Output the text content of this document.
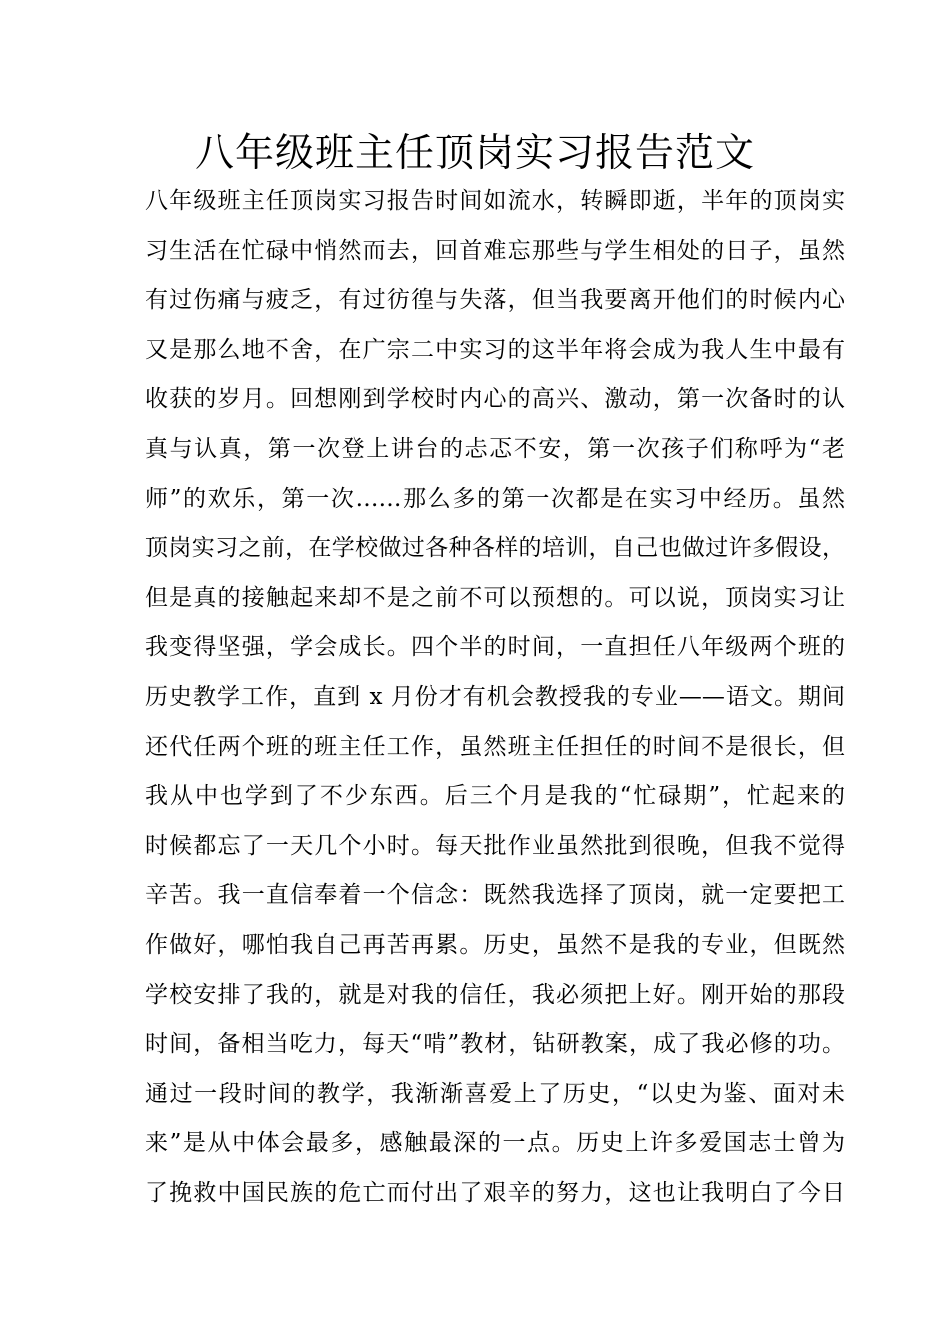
八年级班主任顶岗实习报告范文
八年级班主任顶岗实习报告时间如流水，转瞬即逝，半年的顶岗实
习生活在忙碌中悄然而去，回首难忘那些与学生相处的日子，虽然
有过伤痛与疲乏，有过彷徨与失落，但当我要离开他们的时候内心
又是那么地不舍，在广宗二中实习的这半年将会成为我人生中最有
收获的岁月。回想刚到学校时内心的高兴、激动，第一次备时的认
真与认真，第一次登上讲台的忐忑不安，第一次孩子们称呼为“老
师”的欢乐，第一次……那么多的第一次都是在实习中经历。虽然
顶岗实习之前，在学校做过各种各样的培训，自己也做过许多假设，
但是真的接触起来却不是之前不可以预想的。可以说，顶岗实习让
我变得坚强，学会成长。四个半的时间，一直担任八年级两个班的
历史教学工作，直到 x 月份才有机会教授我的专业——语文。期间
还代任两个班的班主任工作，虽然班主任担任的时间不是很长，但
我从中也学到了不少东西。后三个月是我的“忙碌期”，忙起来的
时候都忘了一天几个小时。每天批作业虽然批到很晚，但我不觉得
辛苦。我一直信奉着一个信念：既然我选择了顶岗，就一定要把工
作做好，哪怕我自己再苦再累。历史，虽然不是我的专业，但既然
学校安排了我的，就是对我的信任，我必须把上好。刚开始的那段
时间，备相当吃力，每天“啃”教材，钻研教案，成了我必修的功。
通过一段时间的教学，我渐渐喜爱上了历史，“以史为鉴、面对未
来”是从中体会最多，感触最深的一点。历史上许多爱国志士曾为
了挽救中国民族的危亡而付出了艰辛的努力，这也让我明白了今日
